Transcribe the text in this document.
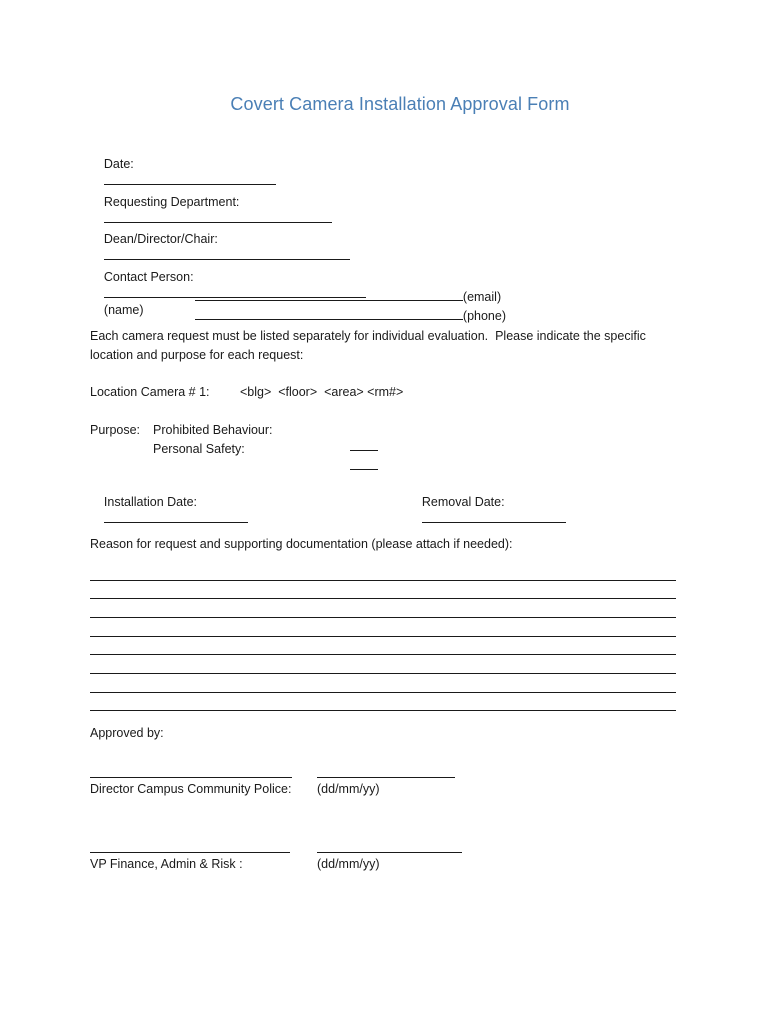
Covert Camera Installation Approval Form

Date:

Requesting Department:

Dean/Director/Chair:

Contact Person:

(name)

(email)

(phone)

Each camera request must be listed separately for individual evaluation.  Please indicate the specific
location and purpose for each request:
Location Camera # 1: <blg>  <floor>  <area> <rm#>
Purpose: Prohibited Behaviour:

Personal Safety:

Installation Date:

	Removal Date:

Reason for request and supporting documentation (please attach if needed):
Approved by:
Director Campus Community Police: (dd/mm/yy)
VP Finance, Admin & Risk :	(dd/mm/yy)
